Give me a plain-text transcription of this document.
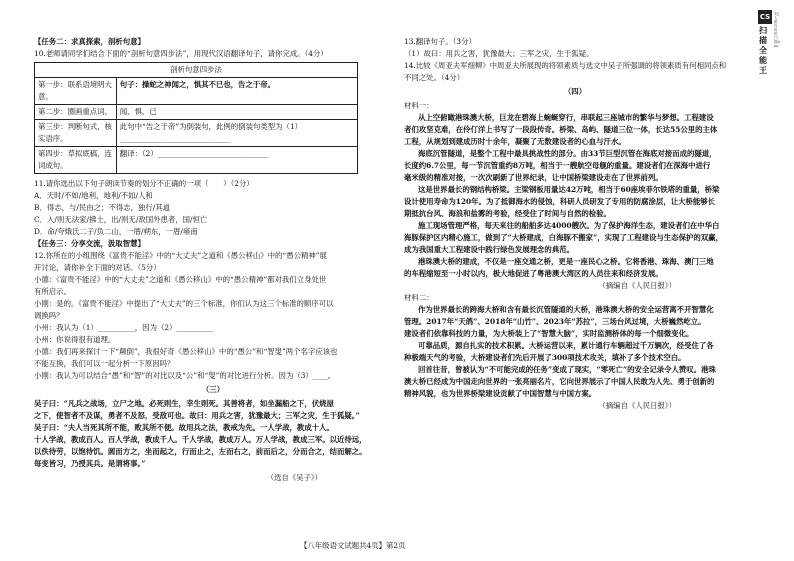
CS
扫描全能王
3亿人都在用的扫描App

【任务二：求真探索，剖析句意】

10.老师请同学们结合下面的“剖析句意四步法”，用现代汉语翻译句子，请你完成。（4分）

剖析句意四步法	
第一步：联系语境明大意。	句子：操蛇之神闻之，惧其不已也，告之于帝。
第二步：圈画重点词。	闻、惧、已
第三步：判断句式，核实语序。	此句中“告之于帝”为倒装句，此例的倒装句类型为（1）______________________________
第四步：草拟底稿，连词成句。	翻译：（2）______________________________

11.请你选出以下句子朗读节奏的划分不正确的一项（　　）（2分）

A．天时/不如/地利，地利/不如/人和

B．得志，与/民由之；不得志，独行/其道

C．入/则无法家/拂士，出/则无/敌国外患者，国/恒亡

D．命/夸娥氏二子/负二山，一厝/朔东，一厝/雍南

【任务三：分享交流，汲取智慧】

12.你所在的小组围绕《富贵不能淫》中的“大丈夫”之道和《愚公移山》中的“愚公精神”展

开讨论，请你补全下面的对话。（5分）

小德：《富贵不能淫》中的“大丈夫”之道和《愚公移山》中的“愚公精神”都对我们立身处世

有所启示。

小刚：是的。《富贵不能淫》中提出了“大丈夫”的三个标准，你们认为这三个标准的顺序可以

调换吗？

小州：我认为（1）__________，因为（2）__________

小州：你说得很有道理。

小德：我们再来探讨一下“颠倒”，我很好奇《愚公移山》中的“愚公”和“智叟”两个名字应该也

不能互换，我们可以一起分析一下原因吗？

小刚：我认为可以结合“愚”和“智”的对比以及“公”和“叟”的对比进行分析。因为（3）____。

（三）

吴子曰：“凡兵之战场，立尸之地。必死则生，幸生则死。其善将者，如坐漏船之下，伏烧屋

之下，使智者不及谋，勇者不及怒，受敌可也。故曰：用兵之害，犹豫最大；三军之灾，生于狐疑。”

吴子曰：“夫人当死其所不能，败其所不便。故用兵之法，教戒为先。一人学战，教成十人。

十人学战，教成百人。百人学战，教成千人。千人学战，教成万人。万人学战，教成三军。以近待远，

以佚待劳，以饱待饥。圆而方之，坐而起之，行而止之，左而右之，前而后之，分而合之，结而解之。

每变皆习，乃授其兵。是谓将事。”

（选自《吴子》）

13.翻译句子。（3分）

（1）故曰：用兵之害，犹豫最大；三军之灾，生于狐疑。

14.比较《周亚夫军细柳》中周亚夫所展现的将领素质与选文中吴子所强调的将领素质有何相同点和

不同之处。（4分）

（四）

材料一：

从上空俯瞰港珠澳大桥，巨龙在碧海上蜿蜒穿行，串联起三座城市的繁华与梦想。工程建设

者们攻坚克难，在伶仃洋上书写了一段段传奇。桥梁、岛屿、隧道三位一体，长达55公里的主体

工程，从规划到建成历时十余年，凝聚了无数建设者的心血与汗水。

海底沉管隧道，是整个工程中最具挑战性的部分。由33节巨型沉管在海底对接而成的隧道，

长度约6.7公里，每一节沉管重约8万吨，相当于一艘航空母舰的重量。建设者们在深海中进行

毫米级的精准对接，一次次刷新了世界纪录，让中国桥梁建设走在了世界前列。

这是世界最长的钢结构桥梁。主梁钢板用量达42万吨，相当于60座埃菲尔铁塔的重量，桥梁

设计使用寿命为120年。为了抵御海水的侵蚀，科研人员研发了专用的防腐涂层，让大桥能够长

期抵抗台风、海浪和盐雾的考验，经受住了时间与自然的检验。

施工现场管理严格，每天来往的船舶多达4000艘次。为了保护海洋生态，建设者们在中华白

海豚保护区内精心施工，做到了“大桥建成，白海豚不搬家”，实现了工程建设与生态保护的双赢，

成为我国重大工程建设中践行绿色发展理念的典范。

港珠澳大桥的建成，不仅是一座交通之桥，更是一座民心之桥。它将香港、珠海、澳门三地

的车程缩短至一小时以内，极大地促进了粤港澳大湾区的人员往来和经济发展。

（摘编自《人民日报》）

材料二：

作为世界最长的跨海大桥和含有最长沉管隧道的大桥，港珠澳大桥的安全运营离不开智慧化

管理。2017年“天鸽”、2018年“山竹”、2023年“苏拉”，三场台风过境，大桥巍然屹立。

建设者们依靠科技的力量，为大桥装上了“智慧大脑”，实时监测桥体的每一个细微变化。

可靠品质，源自扎实的技术积累。大桥运营以来，累计通行车辆超过千万辆次，经受住了各

种极端天气的考验，大桥建设者们先后开展了300项技术攻关，填补了多个技术空白。

回首往昔，曾被认为“不可能完成的任务”变成了现实，“零死亡”的安全记录令人赞叹。港珠

澳大桥已经成为中国走向世界的一张亮丽名片，它向世界展示了中国人民敢为人先、勇于创新的

精神风貌，也为世界桥梁建设贡献了中国智慧与中国方案。

（摘编自《人民日报》）

【八年级语文试题共4页】第2页
